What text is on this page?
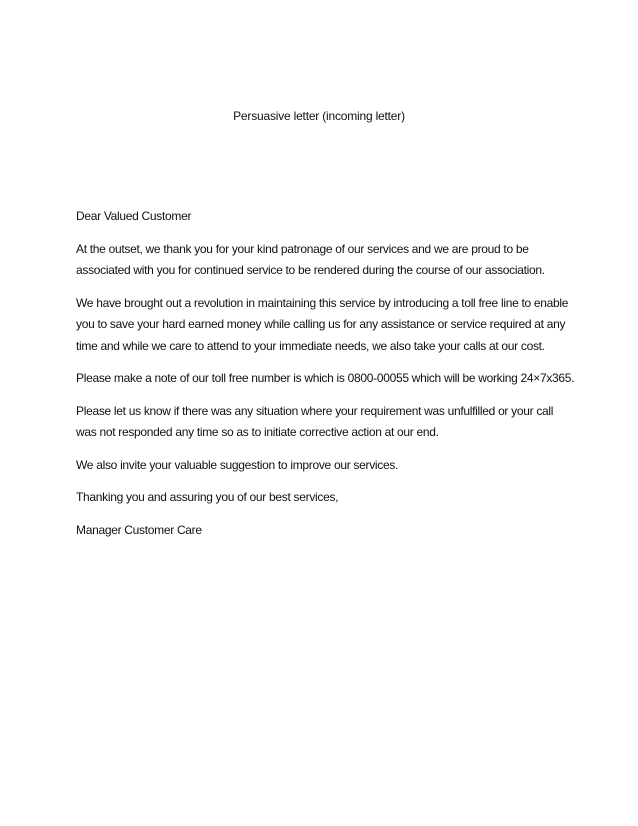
Persuasive letter (incoming letter)

Dear Valued Customer

At the outset, we thank you for your kind patronage of our services and we are proud to be associated with you for continued service to be rendered during the course of our association.

We have brought out a revolution in maintaining this service by introducing a toll free line to enable you to save your hard earned money while calling us for any assistance or service required at any time and while we care to attend to your immediate needs, we also take your calls at our cost.

Please make a note of our toll free number is which is 0800-00055 which will be working 24×7x365.

Please let us know if there was any situation where your requirement was unfulfilled or your call was not responded any time so as to initiate corrective action at our end.

We also invite your valuable suggestion to improve our services.

Thanking you and assuring you of our best services,

Manager Customer Care
